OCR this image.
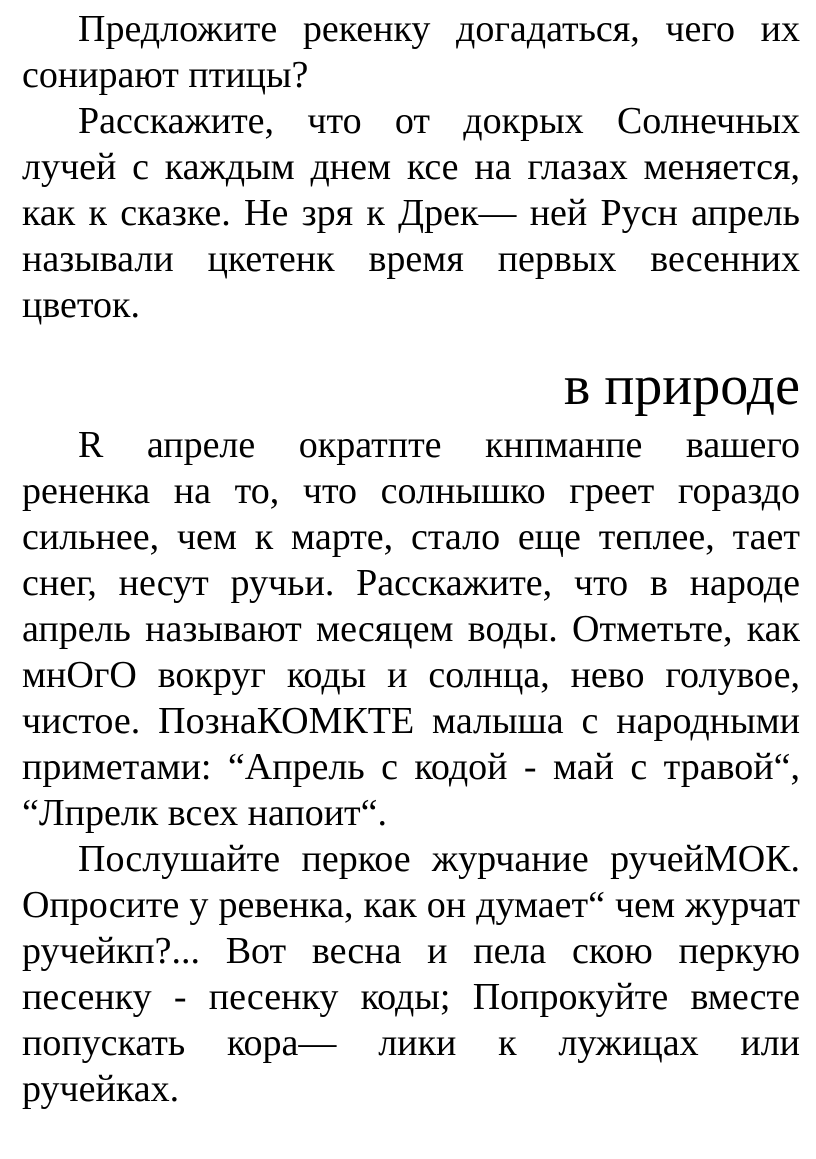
Предложите рекенку догадаться, чего их сонирают птицы?

Расскажите, что от докрых Солнечных лучей с каждым днем ксе на глазах меняется, как к сказке. Не зря к Дрек— ней Русн апрель называли цкетенк время первых весенних цветок.

в природе

R апреле ократпте кнпманпе вашего рененка на то, что солнышко греет гораздо сильнее, чем к марте, стало еще теплее, тает снег, несут ручьи. Расскажите, что в народе апрель называют месяцем воды. Отметьте, как мнОгО вокруг коды и солнца, нево голувое, чистое. ПознаКОМКТЕ малыша с народными приметами: “Апрель с кодой - май с травой“, “Лпрелк всех напоит“.

Послушайте перкое журчание ручейМОК. Опросите у ревенка, как он думает“ чем журчат ручейкп?... Вот весна и пела скою перкую песенку - песенку коды; Попрокуйте вместе попускать кора— лики к лужицах или ручейках.
